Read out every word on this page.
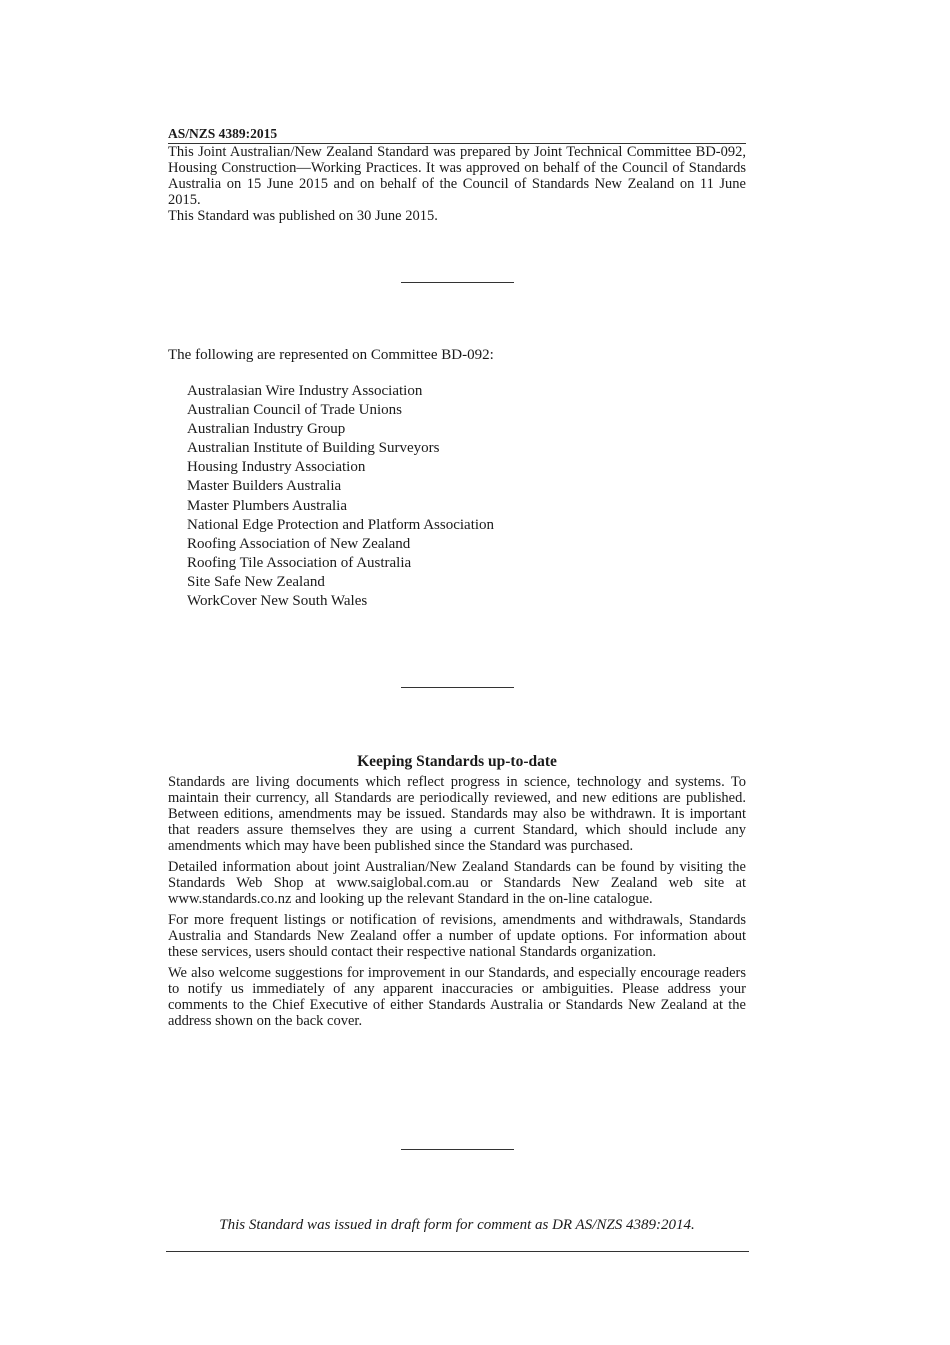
AS/NZS 4389:2015

This Joint Australian/New Zealand Standard was prepared by Joint Technical Committee BD-092, Housing Construction—Working Practices. It was approved on behalf of the Council of Standards Australia on 15 June 2015 and on behalf of the Council of Standards New Zealand on 11 June 2015.

This Standard was published on 30 June 2015.

The following are represented on Committee BD-092:
Australasian Wire Industry Association
Australian Council of Trade Unions
Australian Industry Group
Australian Institute of Building Surveyors
Housing Industry Association
Master Builders Australia
Master Plumbers Australia
National Edge Protection and Platform Association
Roofing Association of New Zealand
Roofing Tile Association of Australia
Site Safe New Zealand
WorkCover New South Wales
Keeping Standards up-to-date

Standards are living documents which reflect progress in science, technology and systems. To maintain their currency, all Standards are periodically reviewed, and new editions are published. Between editions, amendments may be issued. Standards may also be withdrawn. It is important that readers assure themselves they are using a current Standard, which should include any amendments which may have been published since the Standard was purchased.

Detailed information about joint Australian/New Zealand Standards can be found by visiting the Standards Web Shop at www.saiglobal.com.au or Standards New Zealand web site at www.standards.co.nz and looking up the relevant Standard in the on-line catalogue.

For more frequent listings or notification of revisions, amendments and withdrawals, Standards Australia and Standards New Zealand offer a number of update options. For information about these services, users should contact their respective national Standards organization.

We also welcome suggestions for improvement in our Standards, and especially encourage readers to notify us immediately of any apparent inaccuracies or ambiguities. Please address your comments to the Chief Executive of either Standards Australia or Standards New Zealand at the address shown on the back cover.

This Standard was issued in draft form for comment as DR AS/NZS 4389:2014.
